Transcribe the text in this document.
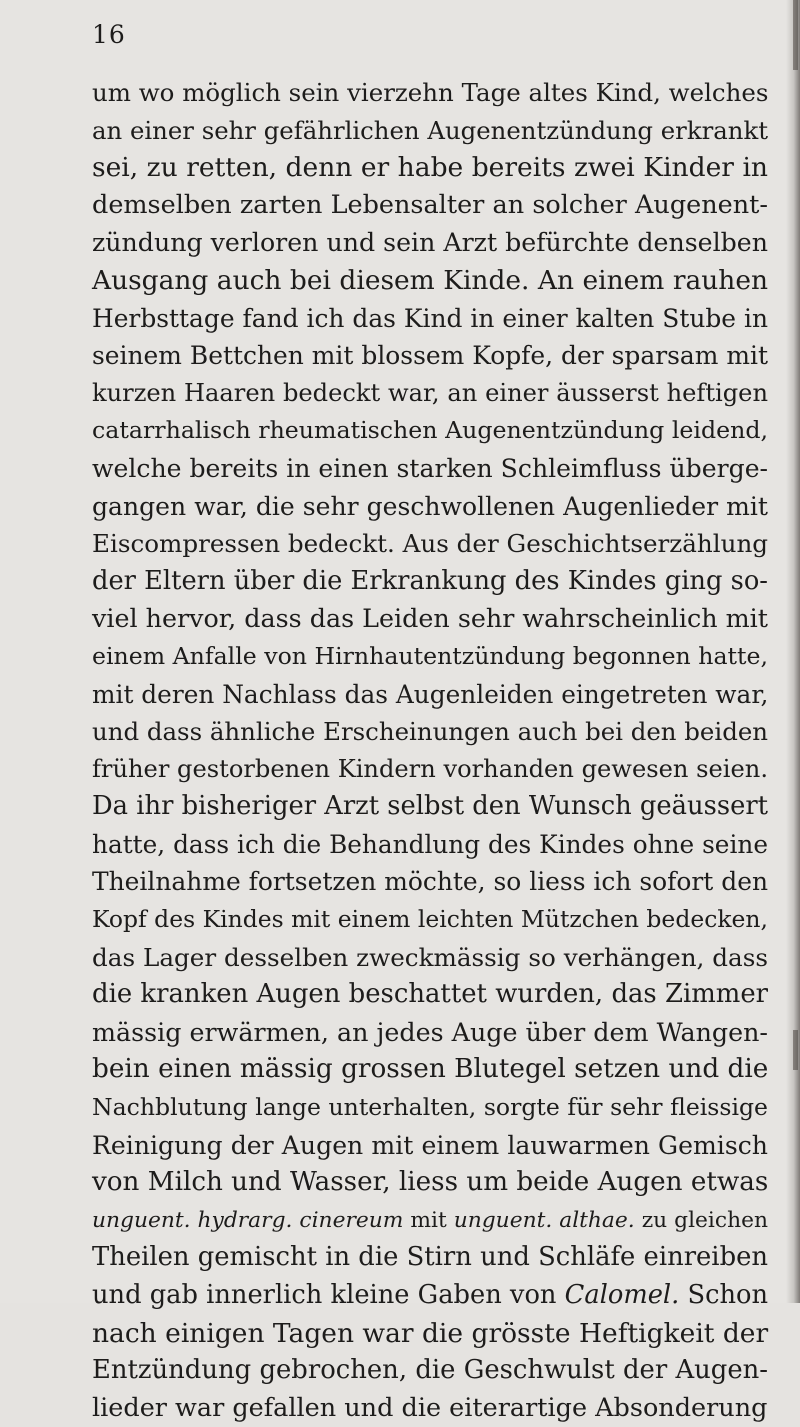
16
um wo möglich sein vierzehn Tage altes Kind, welches
an einer sehr gefährlichen Augenentzündung erkrankt
sei, zu retten, denn er habe bereits zwei Kinder in
demselben zarten Lebensalter an solcher Augenent-
zündung verloren und sein Arzt befürchte denselben
Ausgang auch bei diesem Kinde. An einem rauhen
Herbsttage fand ich das Kind in einer kalten Stube in
seinem Bettchen mit blossem Kopfe, der sparsam mit
kurzen Haaren bedeckt war, an einer äusserst heftigen
catarrhalisch rheumatischen Augenentzündung leidend,
welche bereits in einen starken Schleimfluss überge-
gangen war, die sehr geschwollenen Augenlieder mit
Eiscompressen bedeckt. Aus der Geschichtserzählung
der Eltern über die Erkrankung des Kindes ging so-
viel hervor, dass das Leiden sehr wahrscheinlich mit
einem Anfalle von Hirnhautentzündung begonnen hatte,
mit deren Nachlass das Augenleiden eingetreten war,
und dass ähnliche Erscheinungen auch bei den beiden
früher gestorbenen Kindern vorhanden gewesen seien.
Da ihr bisheriger Arzt selbst den Wunsch geäussert
hatte, dass ich die Behandlung des Kindes ohne seine
Theilnahme fortsetzen möchte, so liess ich sofort den
Kopf des Kindes mit einem leichten Mützchen bedecken,
das Lager desselben zweckmässig so verhängen, dass
die kranken Augen beschattet wurden, das Zimmer
mässig erwärmen, an jedes Auge über dem Wangen-
bein einen mässig grossen Blutegel setzen und die
Nachblutung lange unterhalten, sorgte für sehr fleissige
Reinigung der Augen mit einem lauwarmen Gemisch
von Milch und Wasser, liess um beide Augen etwas
unguent. hydrarg. cinereum mit unguent. althae. zu gleichen
Theilen gemischt in die Stirn und Schläfe einreiben
und gab innerlich kleine Gaben von Calomel. Schon
nach einigen Tagen war die grösste Heftigkeit der
Entzündung gebrochen, die Geschwulst der Augen-
lieder war gefallen und die eiterartige Absonderung
